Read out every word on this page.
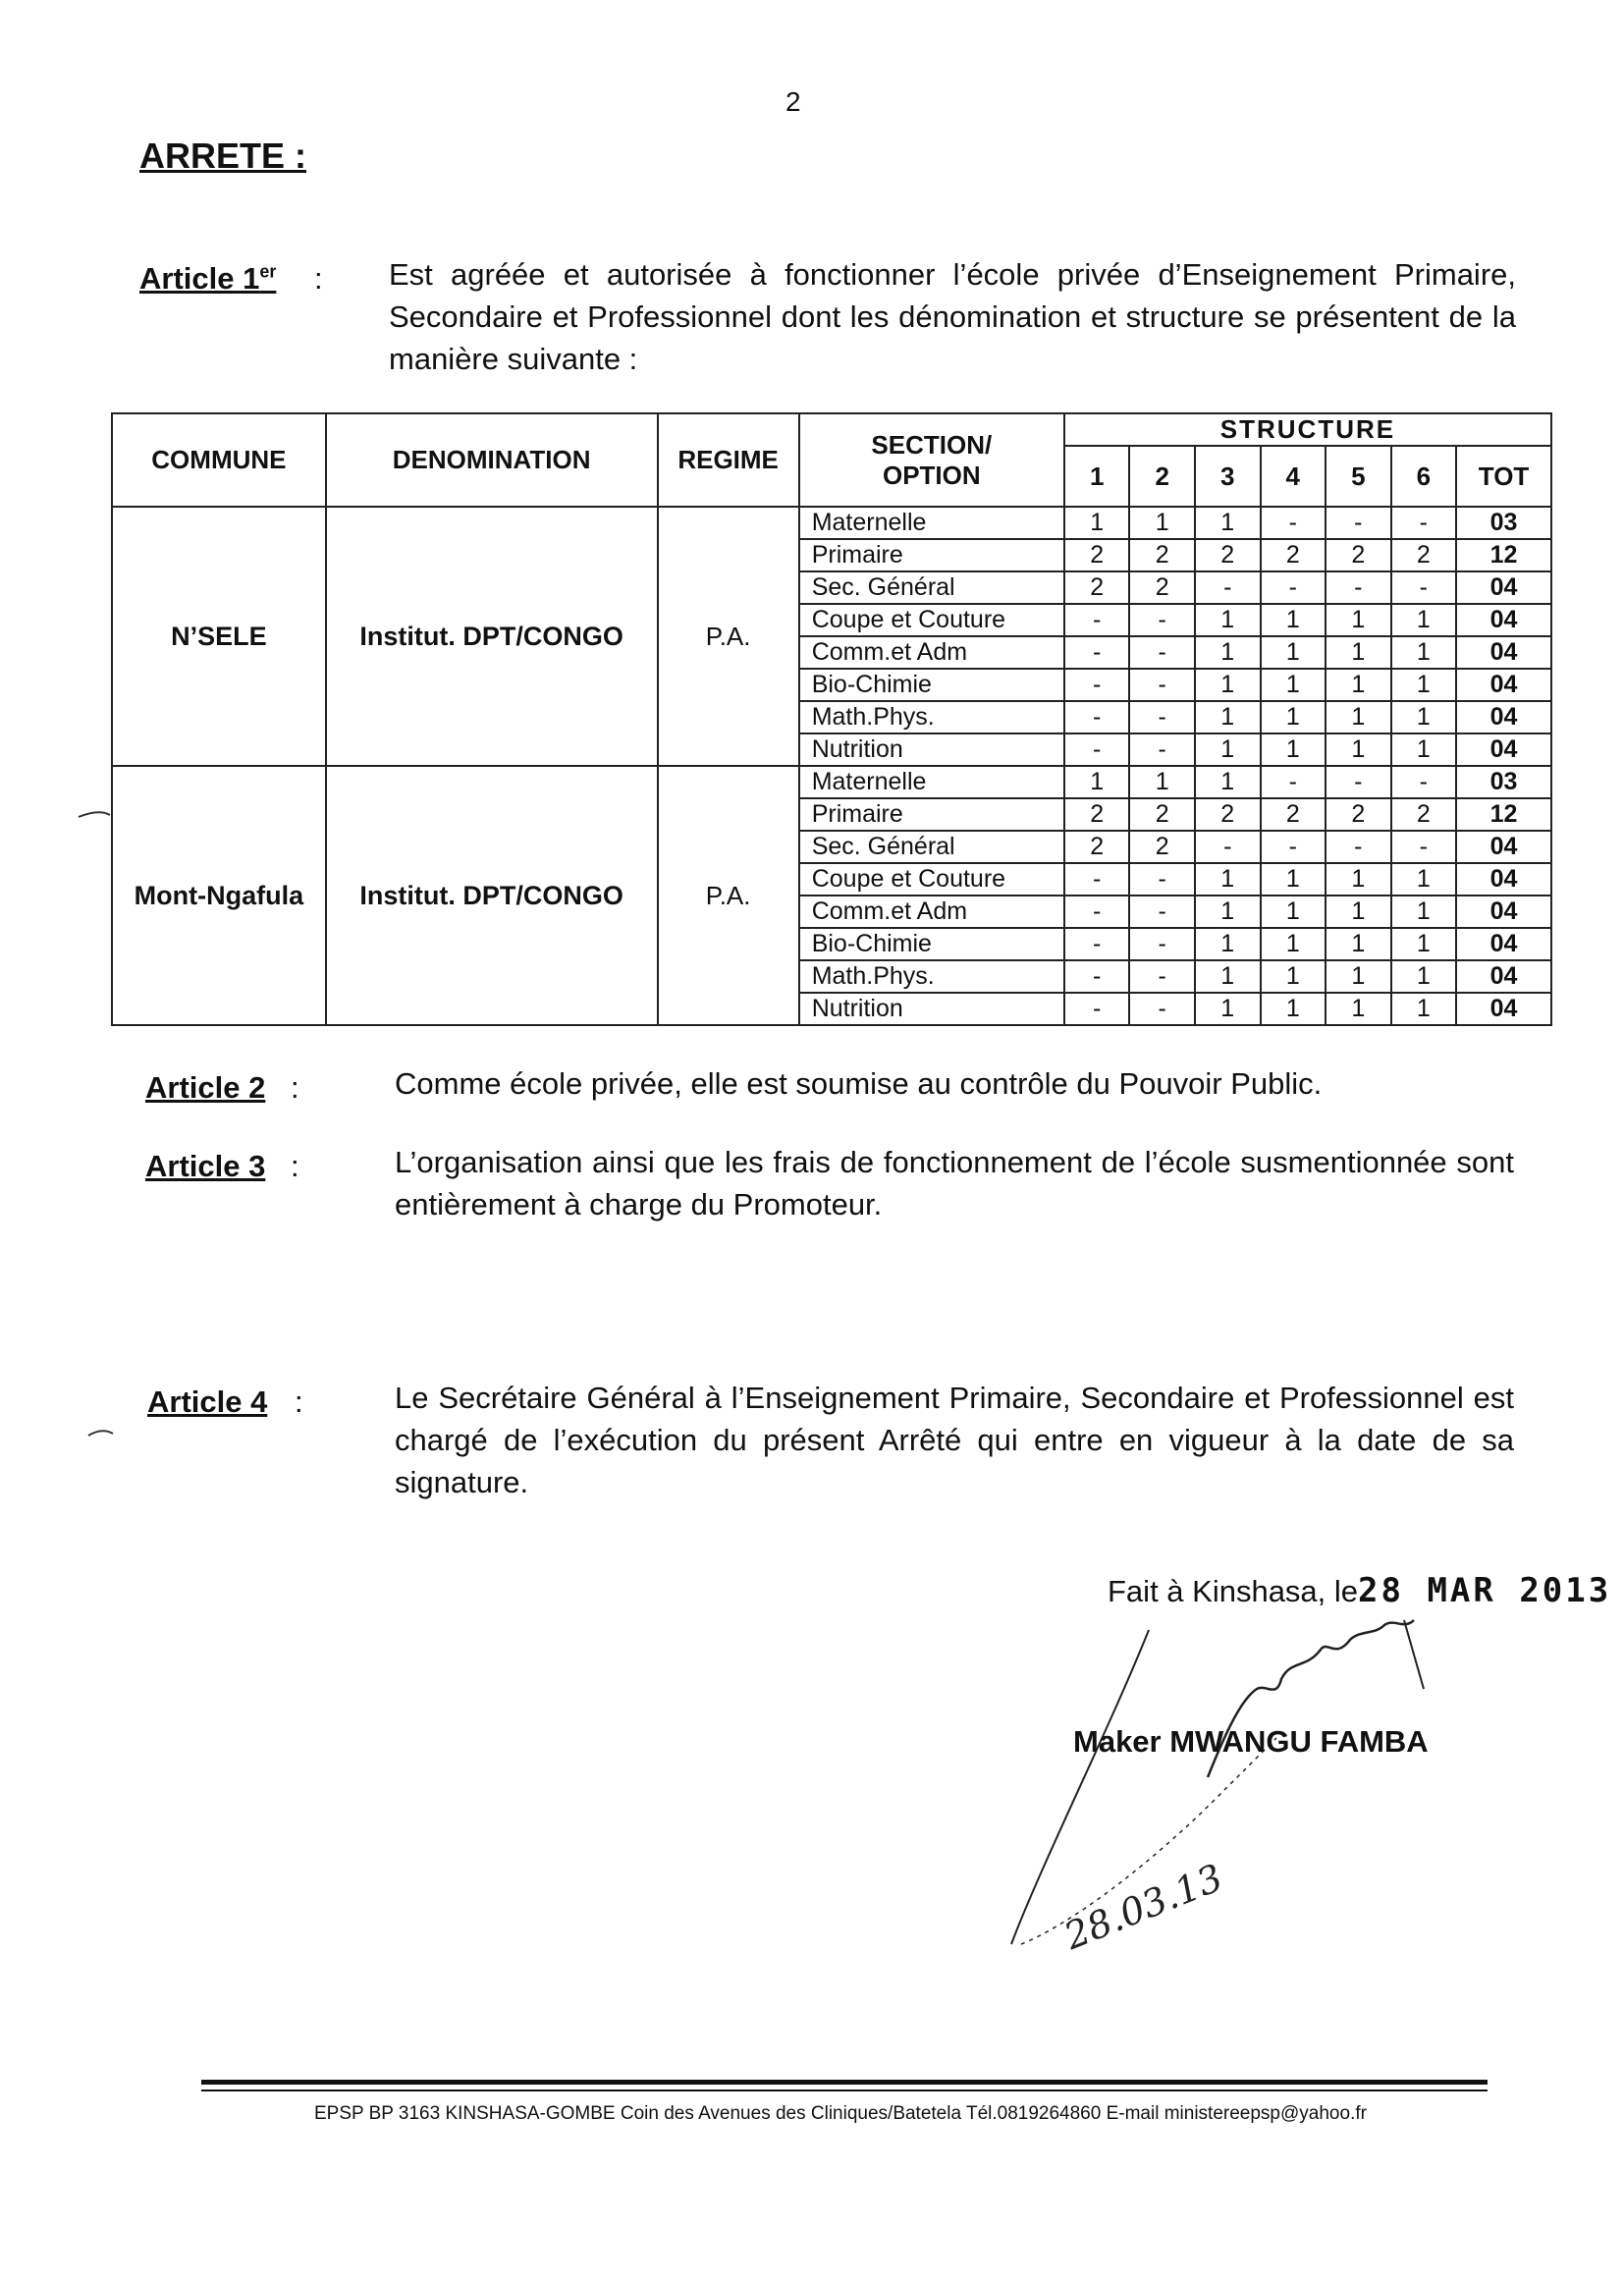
2
ARRETE :
Article 1er : Est agréée et autorisée à fonctionner l’école privée d’Enseignement Primaire, Secondaire et Professionnel dont les dénomination et structure se présentent de la manière suivante :
COMMUNE	DENOMINATION	REGIME	SECTION/
OPTION	STRUCTURE						
				1	2	3	4	5	6	TOT
N’SELE	Institut. DPT/CONGO	P.A.	Maternelle	1	1	1	-	-	-	03
			Primaire	2	2	2	2	2	2	12
			Sec. Général	2	2	-	-	-	-	04
			Coupe et Couture	-	-	1	1	1	1	04
			Comm.et Adm	-	-	1	1	1	1	04
			Bio-Chimie	-	-	1	1	1	1	04
			Math.Phys.	-	-	1	1	1	1	04
			Nutrition	-	-	1	1	1	1	04
Mont-Ngafula	Institut. DPT/CONGO	P.A.	Maternelle	1	1	1	-	-	-	03
			Primaire	2	2	2	2	2	2	12
			Sec. Général	2	2	-	-	-	-	04
			Coupe et Couture	-	-	1	1	1	1	04
			Comm.et Adm	-	-	1	1	1	1	04
			Bio-Chimie	-	-	1	1	1	1	04
			Math.Phys.	-	-	1	1	1	1	04
			Nutrition	-	-	1	1	1	1	04
Article 2 :	Comme école privée, elle est soumise au contrôle du Pouvoir Public.
Article 3 :	L’organisation ainsi que les frais de fonctionnement de l’école susmentionnée sont entièrement à charge du Promoteur.
Article 4 :	Le Secrétaire Général à l’Enseignement Primaire, Secondaire et Professionnel est chargé de l’exécution du présent Arrêté qui entre en vigueur à la date de sa signature.
Fait à Kinshasa, le28 MAR 2013
Maker MWANGU FAMBA
28.03.13
EPSP BP 3163 KINSHASA-GOMBE Coin des Avenues des Cliniques/Batetela Tél.0819264860 E-mail ministereepsp@yahoo.fr
